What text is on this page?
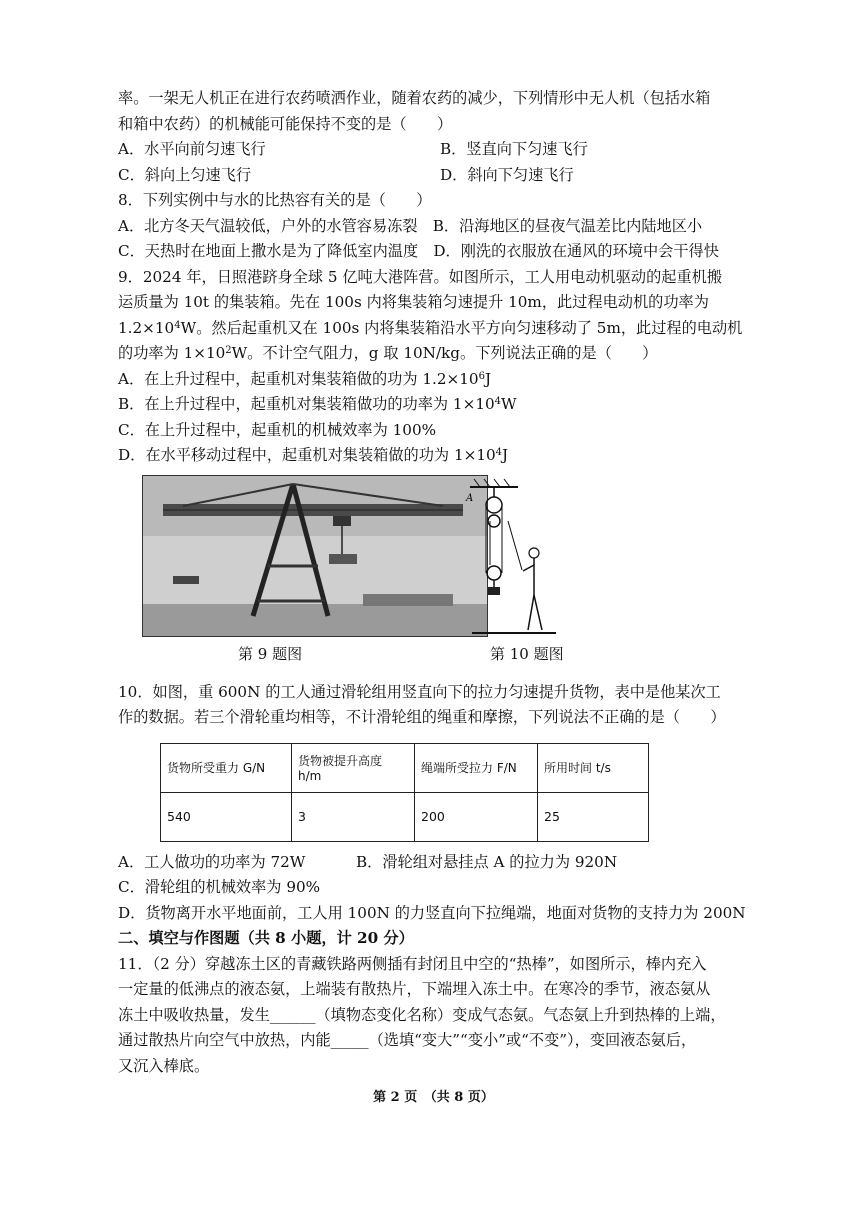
率。一架无人机正在进行农药喷洒作业，随着农药的减少，下列情形中无人机（包括水箱
和箱中农药）的机械能可能保持不变的是（　　）
A．水平向前匀速飞行	B．竖直向下匀速飞行
C．斜向上匀速飞行	D．斜向下匀速飞行
8．下列实例中与水的比热容有关的是（　　）
A．北方冬天气温较低，户外的水管容易冻裂　B．沿海地区的昼夜气温差比内陆地区小
C．天热时在地面上撒水是为了降低室内温度　D．刚洗的衣服放在通风的环境中会干得快
9．2024 年，日照港跻身全球 5 亿吨大港阵营。如图所示，工人用电动机驱动的起重机搬
运质量为 10t 的集装箱。先在 100s 内将集装箱匀速提升 10m，此过程电动机的功率为
$1.2\times 10^4W$。然后起重机又在 100s 内将集装箱沿水平方向匀速移动了 5m，此过程的电动机
的功率为 $1\times 10^2W$。不计空气阻力，g 取 10N/kg。下列说法正确的是（　　）
A．在上升过程中，起重机对集装箱做的功为 $1.2\times 10^6J$
B．在上升过程中，起重机对集装箱做功的功率为 $1\times 10^4W$
C．在上升过程中，起重机的机械效率为 100%
D．在水平移动过程中，起重机对集装箱做的功为 $1\times 10^4J$
A
第 9 题图	第 10 题图
10．如图，重 600N 的工人通过滑轮组用竖直向下的拉力匀速提升货物，表中是他某次工
作的数据。若三个滑轮重均相等，不计滑轮组的绳重和摩擦，下列说法不正确的是（　　）
货物所受重力 G/N	货物被提升高度 h/m	绳端所受拉力 F/N	所用时间 t/s
540	3	200	25
A．工人做功的功率为 72W	B．滑轮组对悬挂点 A 的拉力为 920N
C．滑轮组的机械效率为 90%
D．货物离开水平地面前，工人用 100N 的力竖直向下拉绳端，地面对货物的支持力为 200N
二、填空与作图题（共 8 小题，计 20 分）
11．（2 分）穿越冻土区的青藏铁路两侧插有封闭且中空的“热棒”，如图所示，棒内充入
一定量的低沸点的液态氨，上端装有散热片，下端埋入冻土中。在寒冷的季节，液态氨从
冻土中吸收热量，发生______（填物态变化名称）变成气态氨。气态氨上升到热棒的上端，
通过散热片向空气中放热，内能_____（选填“变大”“变小”或“不变”），变回液态氨后，
又沉入棒底。
第 2 页　（共 8 页）
